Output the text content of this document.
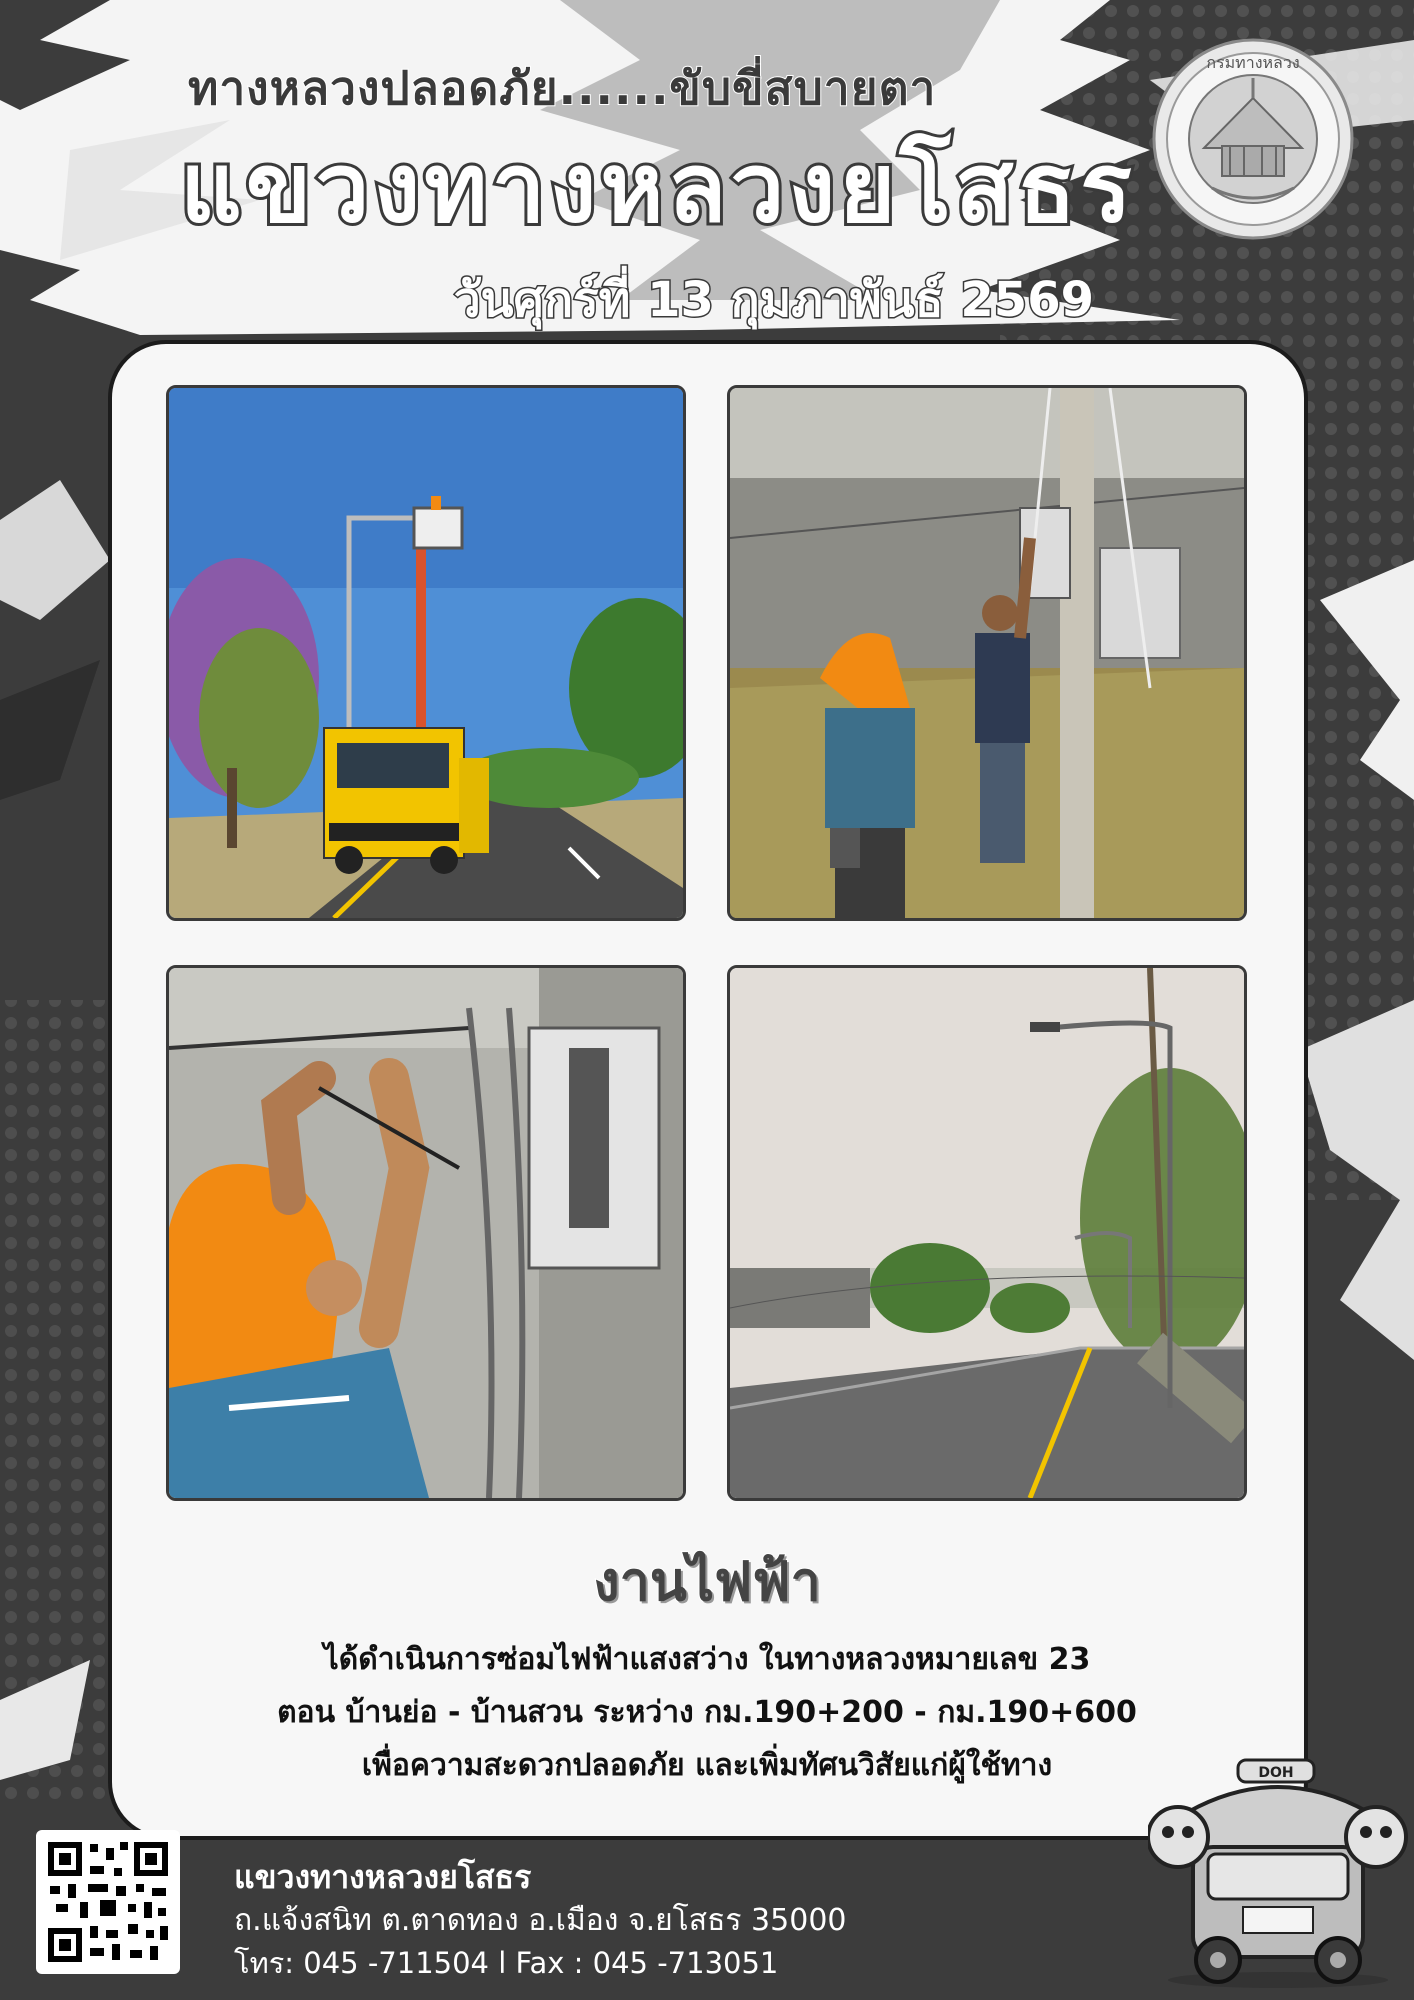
ทางหลวงปลอดภัย......ขับขี่สบายตา
แขวงทางหลวงยโสธร
วันศุกร์ที่ 13 กุมภาพันธ์ 2569
กรมทางหลวง
งานไฟฟ้า
ได้ดำเนินการซ่อมไฟฟ้าแสงสว่าง ในทางหลวงหมายเลข 23
ตอน บ้านย่อ - บ้านสวน ระหว่าง กม.190+200 - กม.190+600
เพื่อความสะดวกปลอดภัย และเพิ่มทัศนวิสัยแก่ผู้ใช้ทาง
แขวงทางหลวงยโสธร
ถ.แจ้งสนิท ต.ตาดทอง อ.เมือง จ.ยโสธร 35000
โทร: 045 -711504 l Fax : 045 -713051
DOH
